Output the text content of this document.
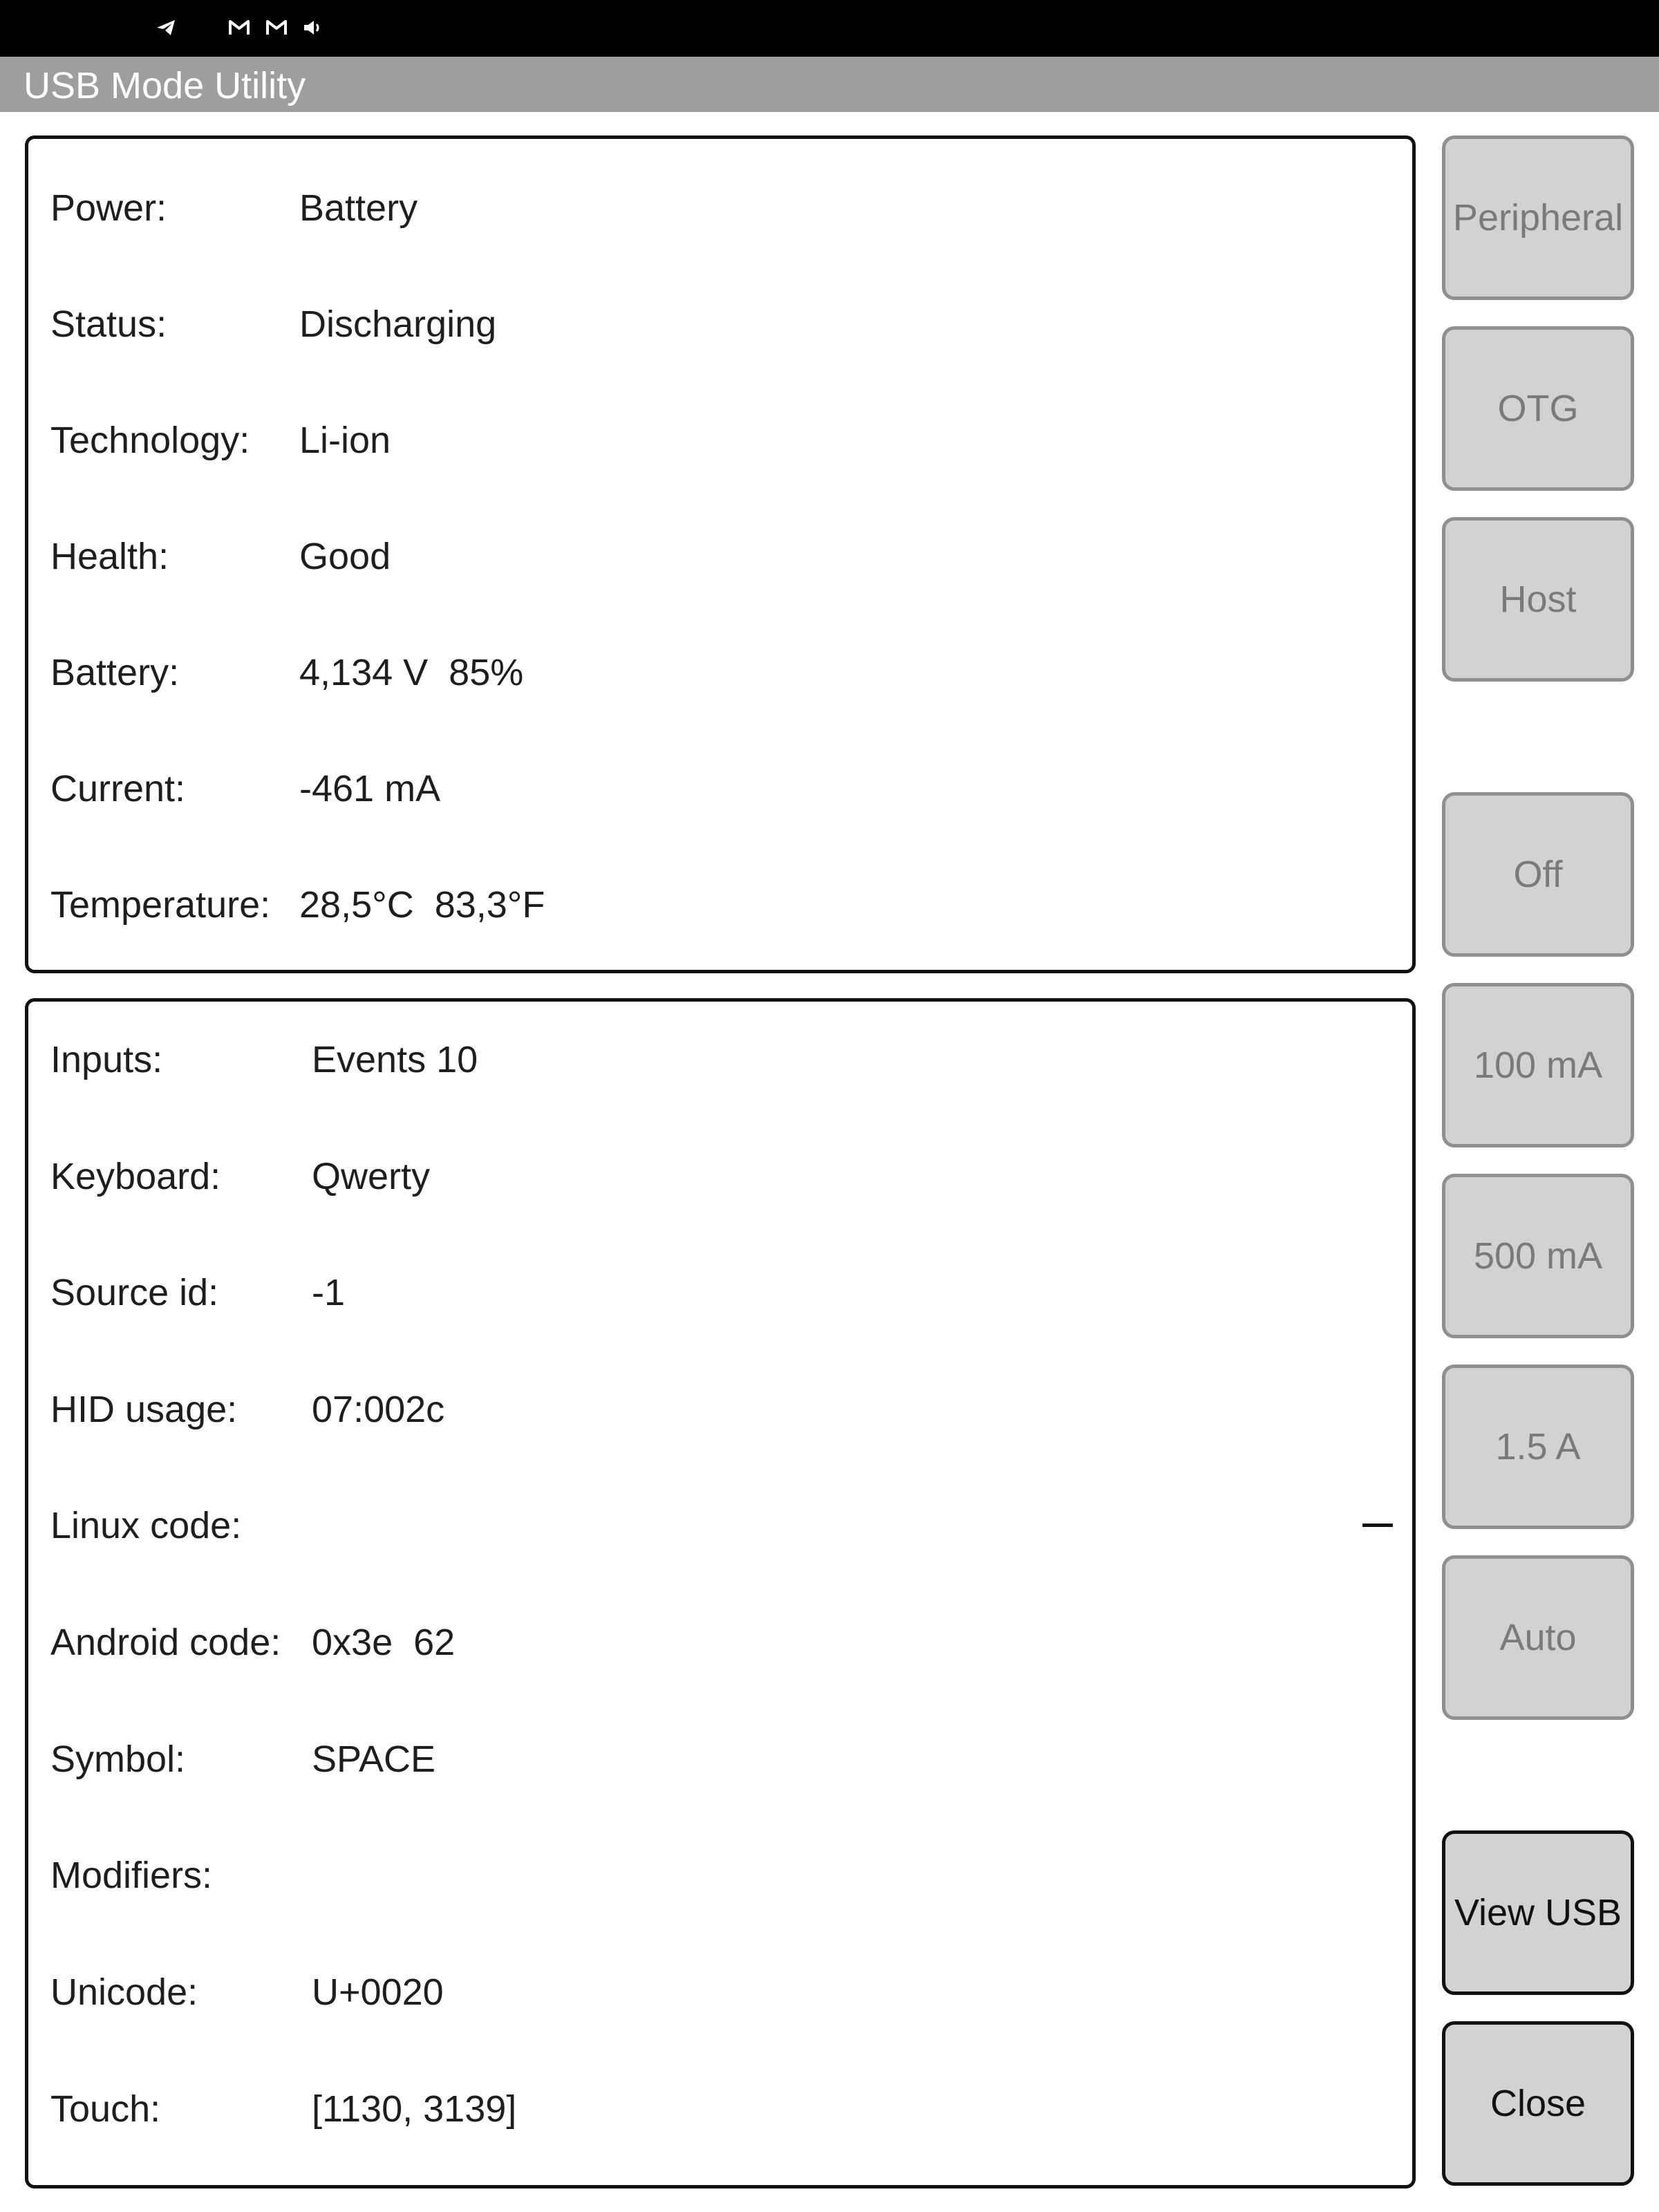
USB Mode Utility
Power:	Battery
Status:	Discharging
Technology: Li-ion
Health:	Good
Battery:	4,134 V  85%
Current:	-461 mA
Temperature: 28,5°C  83,3°F
Inputs:	Events 10
Keyboard: Qwerty
Source id: -1
HID usage: 07:002c
Linux code:
Android code: 0x3e  62
Symbol:	SPACE
Modifiers:
Unicode:	U+0020
Touch:	[1130, 3139]
Peripheral
OTG
Host
Off
100 mA
500 mA
1.5 A
Auto
View USB
Close
